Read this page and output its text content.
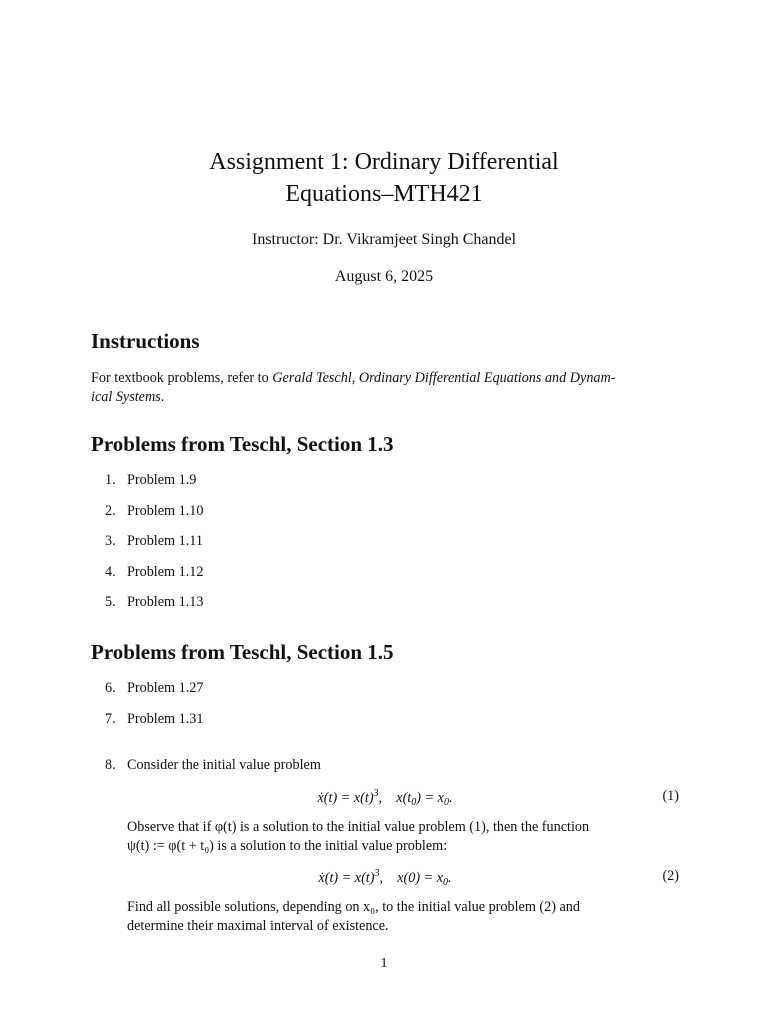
Assignment 1: Ordinary Differential
Equations–MTH421
Instructor: Dr. Vikramjeet Singh Chandel
August 6, 2025
Instructions
For textbook problems, refer to Gerald Teschl, Ordinary Differential Equations and Dynam-
ical Systems.
Problems from Teschl, Section 1.3
1. Problem 1.9
2. Problem 1.10
3. Problem 1.11
4. Problem 1.12
5. Problem 1.13
Problems from Teschl, Section 1.5
6. Problem 1.27
7. Problem 1.31
8. Consider the initial value problem
ẋ(t) = $x(t)^3$,    $x(t_0) = x_0$.	(1)
Observe that if φ(t) is a solution to the initial value problem (1), then the function
ψ(t) := φ(t + t₀) is a solution to the initial value problem:
ẋ(t) = $x(t)^3$,    $x(0) = x_0$.	(2)
Find all possible solutions, depending on x₀, to the initial value problem (2) and
determine their maximal interval of existence.
1
